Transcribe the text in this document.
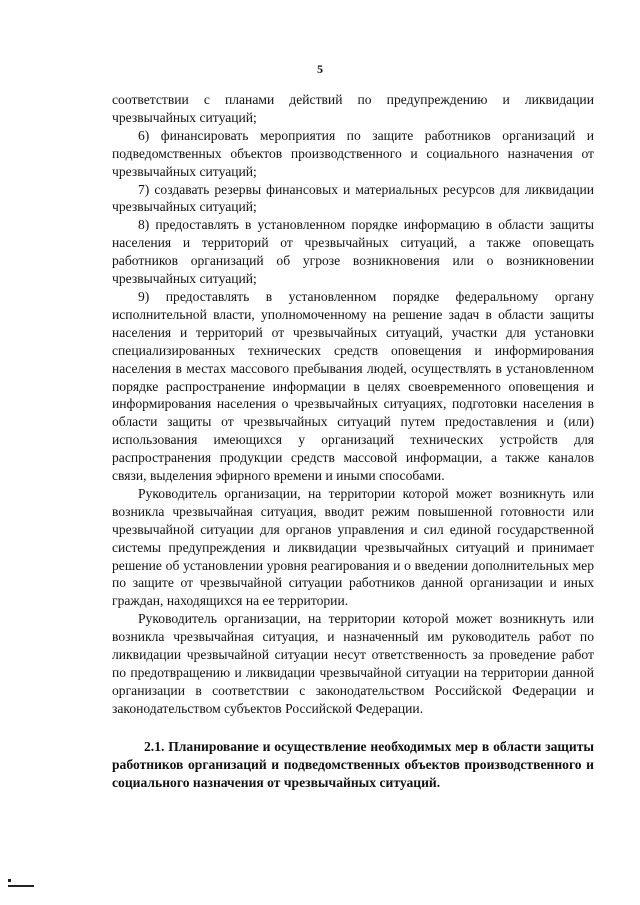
5

соответствии с планами действий по предупреждению и ликвидации чрезвычайных ситуаций;

6) финансировать мероприятия по защите работников организаций и подведомственных объектов производственного и социального назначения от чрезвычайных ситуаций;

7) создавать резервы финансовых и материальных ресурсов для ликвидации чрезвычайных ситуаций;

8) предоставлять в установленном порядке информацию в области защиты населения и территорий от чрезвычайных ситуаций, а также оповещать работников организаций об угрозе возникновения или о возникновении чрезвычайных ситуаций;

9) предоставлять в установленном порядке федеральному органу исполнительной власти, уполномоченному на решение задач в области защиты населения и территорий от чрезвычайных ситуаций, участки для установки специализированных технических средств оповещения и информирования населения в местах массового пребывания людей, осуществлять в установленном порядке распространение информации в целях своевременного оповещения и информирования населения о чрезвычайных ситуациях, подготовки населения в области защиты от чрезвычайных ситуаций путем предоставления и (или) использования имеющихся у организаций технических устройств для распространения продукции средств массовой информации, а также каналов связи, выделения эфирного времени и иными способами.

Руководитель организации, на территории которой может возникнуть или возникла чрезвычайная ситуация, вводит режим повышенной готовности или чрезвычайной ситуации для органов управления и сил единой государственной системы предупреждения и ликвидации чрезвычайных ситуаций и принимает решение об установлении уровня реагирования и о введении дополнительных мер по защите от чрезвычайной ситуации работников данной организации и иных граждан, находящихся на ее территории.

Руководитель организации, на территории которой может возникнуть или возникла чрезвычайная ситуация, и назначенный им руководитель работ по ликвидации чрезвычайной ситуации несут ответственность за проведение работ по предотвращению и ликвидации чрезвычайной ситуации на территории данной организации в соответствии с законодательством Российской Федерации и законодательством субъектов Российской Федерации.

2.1. Планирование и осуществление необходимых мер в области защиты работников организаций и подведомственных объектов производственного и социального назначения от чрезвычайных ситуаций.
